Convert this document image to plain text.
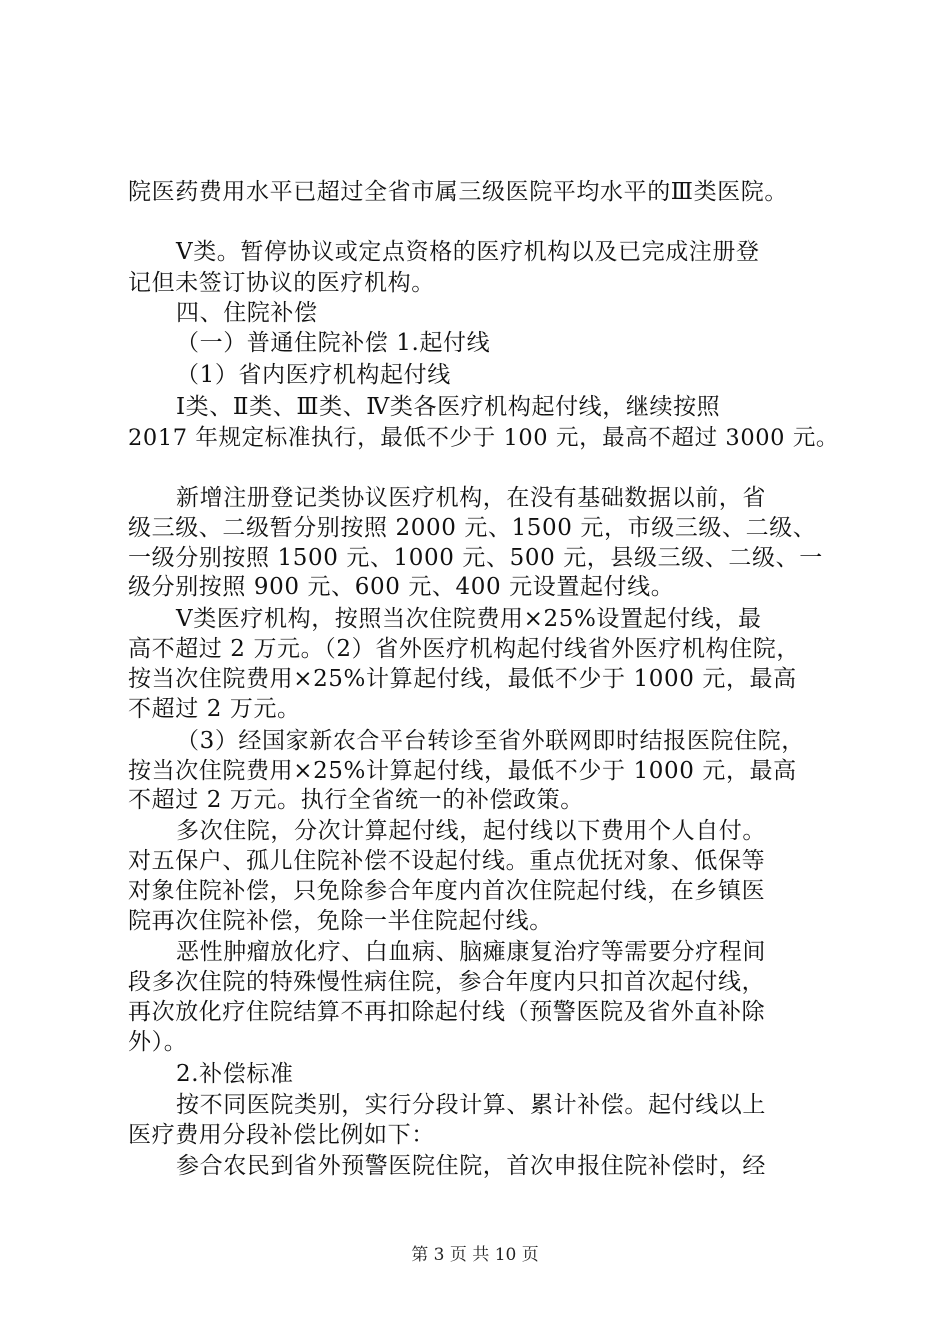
院医药费用水平已超过全省市属三级医院平均水平的Ⅲ类医院。
Ⅴ类。暂停协议或定点资格的医疗机构以及已完成注册登
记但未签订协议的医疗机构。
四、住院补偿
（一）普通住院补偿 1.起付线
（1）省内医疗机构起付线
Ⅰ类、Ⅱ类、Ⅲ类、Ⅳ类各医疗机构起付线，继续按照
2017 年规定标准执行，最低不少于 100 元，最高不超过 3000 元。
新增注册登记类协议医疗机构，在没有基础数据以前，省
级三级、二级暂分别按照 2000 元、1500 元，市级三级、二级、
一级分别按照 1500 元、1000 元、500 元，县级三级、二级、一
级分别按照 900 元、600 元、400 元设置起付线。
Ⅴ类医疗机构，按照当次住院费用×25%设置起付线，最
高不超过 2 万元。（2）省外医疗机构起付线省外医疗机构住院，
按当次住院费用×25%计算起付线，最低不少于 1000 元，最高
不超过 2 万元。
（3）经国家新农合平台转诊至省外联网即时结报医院住院，
按当次住院费用×25%计算起付线，最低不少于 1000 元，最高
不超过 2 万元。执行全省统一的补偿政策。
多次住院，分次计算起付线，起付线以下费用个人自付。
对五保户、孤儿住院补偿不设起付线。重点优抚对象、低保等
对象住院补偿，只免除参合年度内首次住院起付线，在乡镇医
院再次住院补偿，免除一半住院起付线。
恶性肿瘤放化疗、白血病、脑瘫康复治疗等需要分疗程间
段多次住院的特殊慢性病住院，参合年度内只扣首次起付线，
再次放化疗住院结算不再扣除起付线（预警医院及省外直补除
外）。
2.补偿标准
按不同医院类别，实行分段计算、累计补偿。起付线以上
医疗费用分段补偿比例如下：
参合农民到省外预警医院住院，首次申报住院补偿时，经
第 3 页 共 10 页
